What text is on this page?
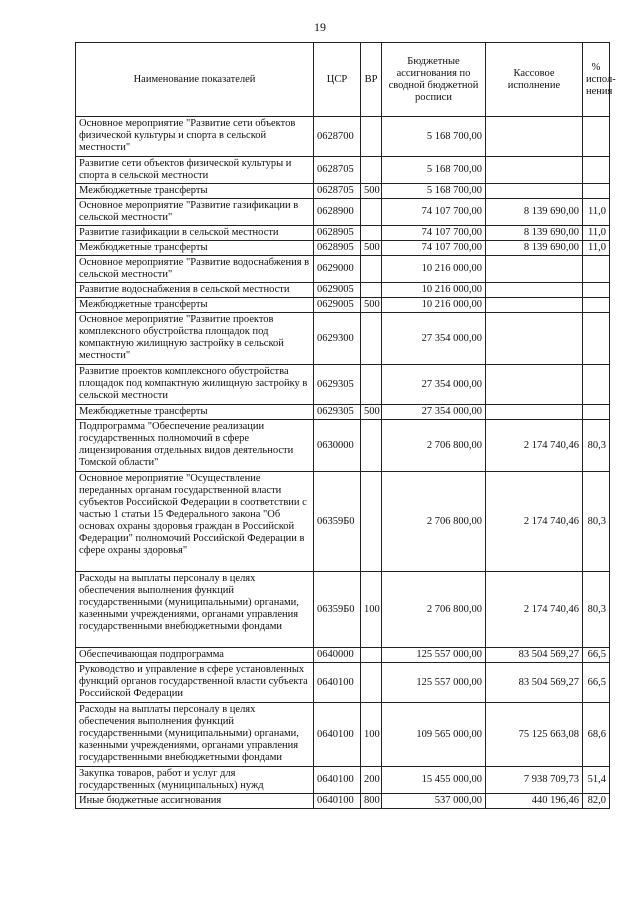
19
Наименование показателей	ЦСР	ВР	Бюджетные ассигнования по сводной бюджетной росписи	Кассовое исполнение	% испол-нения
Основное мероприятие "Развитие сети объектов физической культуры и спорта в сельской местности"	0628700		5 168 700,00		
Развитие сети объектов физической культуры и спорта в сельской местности	0628705		5 168 700,00		
Межбюджетные трансферты	0628705	500	5 168 700,00		
Основное мероприятие "Развитие газификации в сельской местности"	0628900		74 107 700,00	8 139 690,00	11,0
Развитие газификации в сельской местности	0628905		74 107 700,00	8 139 690,00	11,0
Межбюджетные трансферты	0628905	500	74 107 700,00	8 139 690,00	11,0
Основное мероприятие "Развитие водоснабжения в сельской местности"	0629000		10 216 000,00		
Развитие водоснабжения в сельской местности	0629005		10 216 000,00		
Межбюджетные трансферты	0629005	500	10 216 000,00		
Основное мероприятие "Развитие проектов комплексного обустройства площадок под компактную жилищную застройку в сельской местности"	0629300		27 354 000,00		
Развитие проектов комплексного обустройства площадок под компактную жилищную застройку в сельской местности	0629305		27 354 000,00		
Межбюджетные трансферты	0629305	500	27 354 000,00		
Подпрограмма "Обеспечение реализации государственных полномочий в сфере лицензирования отдельных видов деятельности Томской области"	0630000		2 706 800,00	2 174 740,46	80,3
Основное мероприятие "Осуществление переданных органам государственной власти субъектов Российской Федерации в соответствии с частью 1 статьи 15 Федерального закона "Об основах охраны здоровья граждан в Российской Федерации" полномочий Российской Федерации в сфере охраны здоровья"	06359Б0		2 706 800,00	2 174 740,46	80,3
Расходы на выплаты персоналу в целях обеспечения выполнения функций государственными (муниципальными) органами, казенными учреждениями, органами управления государственными внебюджетными фондами	06359Б0	100	2 706 800,00	2 174 740,46	80,3
Обеспечивающая подпрограмма	0640000		125 557 000,00	83 504 569,27	66,5
Руководство и управление в сфере установленных функций органов государственной власти субъекта Российской Федерации	0640100		125 557 000,00	83 504 569,27	66,5
Расходы на выплаты персоналу в целях обеспечения выполнения функций государственными (муниципальными) органами, казенными учреждениями, органами управления государственными внебюджетными фондами	0640100	100	109 565 000,00	75 125 663,08	68,6
Закупка товаров, работ и услуг для государственных (муниципальных) нужд	0640100	200	15 455 000,00	7 938 709,73	51,4
Иные бюджетные ассигнования	0640100	800	537 000,00	440 196,46	82,0
